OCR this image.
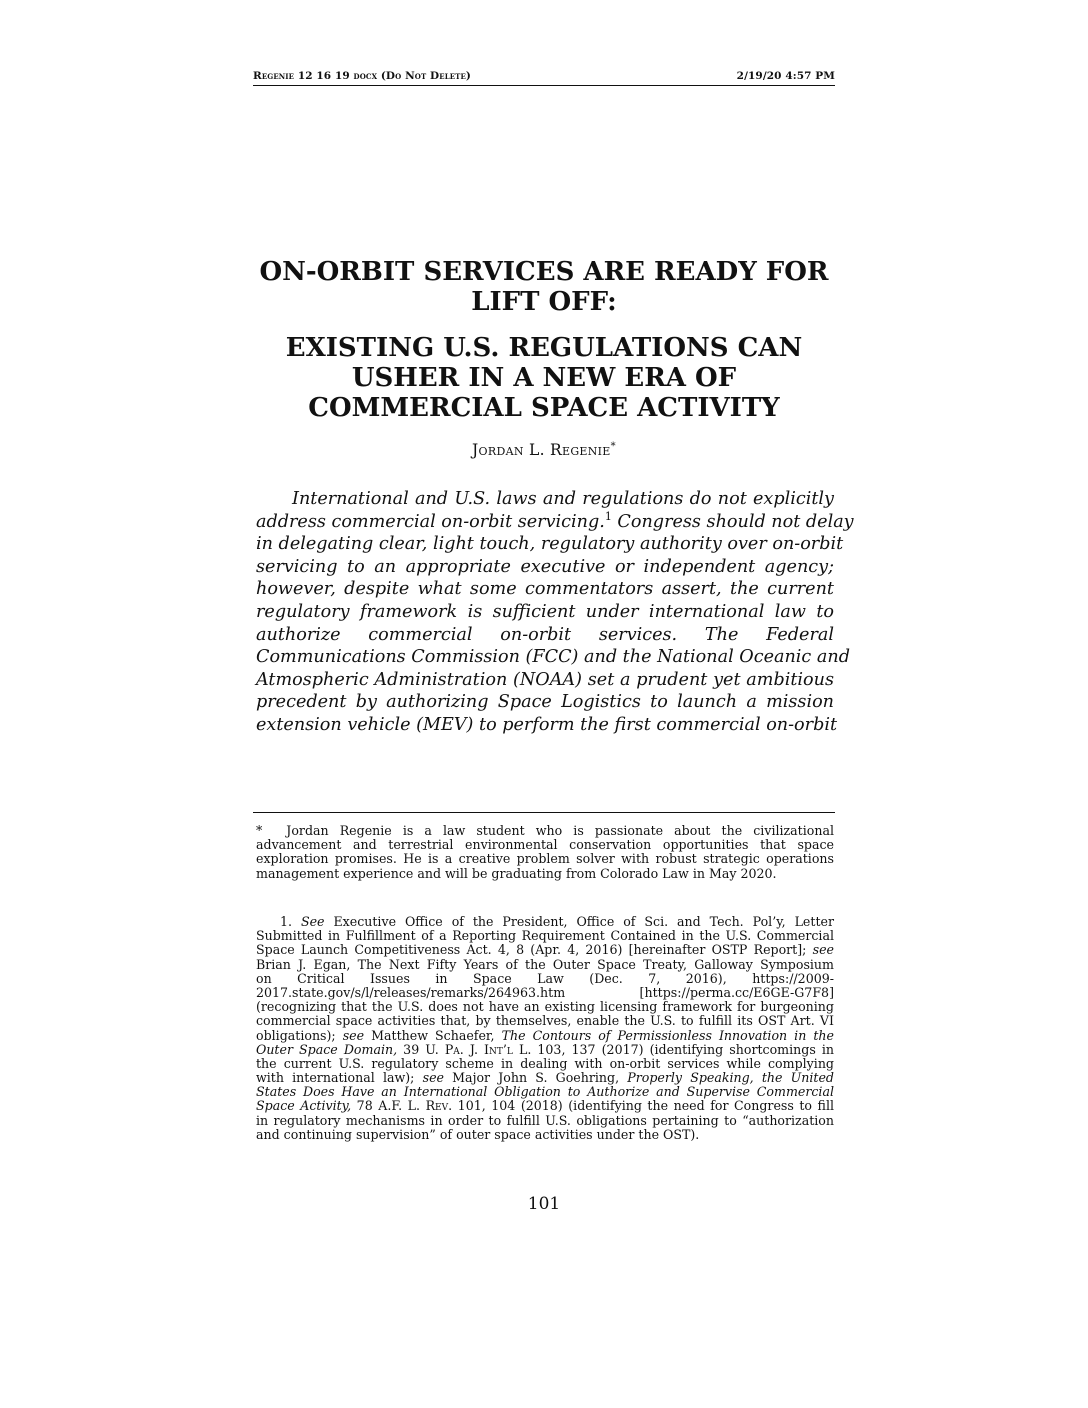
Regenie 12 16 19 docx (Do Not Delete)	2/19/20 4:57 PM
ON-ORBIT SERVICES ARE READY FOR
LIFT OFF:
EXISTING U.S. REGULATIONS CAN
USHER IN A NEW ERA OF
COMMERCIAL SPACE ACTIVITY
Jordan L. Regenie*
International and U.S. laws and regulations do not explicitly
address commercial on-orbit servicing.$^1$ Congress should not delay
in delegating clear, light touch, regulatory authority over on-orbit
servicing to an appropriate executive or independent agency;
however, despite what some commentators assert, the current
regulatory framework is sufficient under international law to
authorize commercial on-orbit services. The Federal
Communications Commission (FCC) and the National Oceanic and
Atmospheric Administration (NOAA) set a prudent yet ambitious
precedent by authorizing Space Logistics to launch a mission
extension vehicle (MEV) to perform the first commercial on-orbit
* Jordan Regenie is a law student who is passionate about the civilizational
advancement and terrestrial environmental conservation opportunities that space
exploration promises. He is a creative problem solver with robust strategic operations
management experience and will be graduating from Colorado Law in May 2020.
1. See Executive Office of the President, Office of Sci. and Tech. Pol’y, Letter
Submitted in Fulfillment of a Reporting Requirement Contained in the U.S. Commercial
Space Launch Competitiveness Act. 4, 8 (Apr. 4, 2016) [hereinafter OSTP Report]; see
Brian J. Egan, The Next Fifty Years of the Outer Space Treaty, Galloway Symposium
on Critical Issues in Space Law (Dec. 7, 2016), https://2009-
2017.state.gov/s/l/releases/remarks/264963.htm [https://perma.cc/E6GE-G7F8]
(recognizing that the U.S. does not have an existing licensing framework for burgeoning
commercial space activities that, by themselves, enable the U.S. to fulfill its OST Art. VI
obligations); see Matthew Schaefer, The Contours of Permissionless Innovation in the
Outer Space Domain, 39 U. Pa. J. Int’l L. 103, 137 (2017) (identifying shortcomings in
the current U.S. regulatory scheme in dealing with on-orbit services while complying
with international law); see Major John S. Goehring, Properly Speaking, the United
States Does Have an International Obligation to Authorize and Supervise Commercial
Space Activity, 78 A.F. L. Rev. 101, 104 (2018) (identifying the need for Congress to fill
in regulatory mechanisms in order to fulfill U.S. obligations pertaining to “authorization
and continuing supervision” of outer space activities under the OST).
101
